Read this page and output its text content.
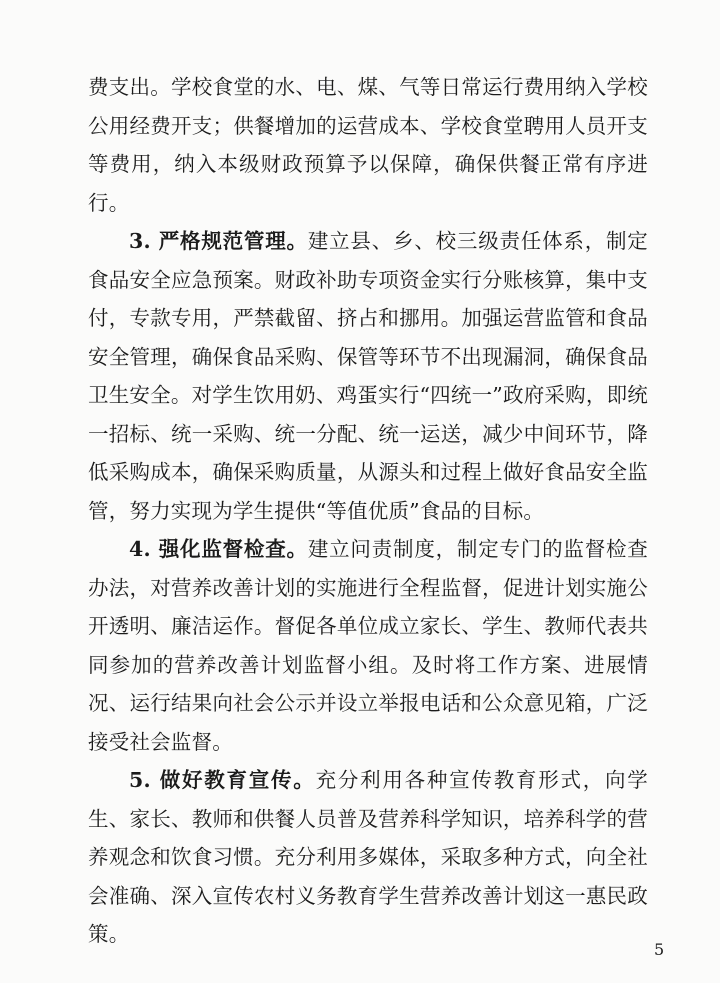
费支出。学校食堂的水、电、煤、气等日常运行费用纳入学校公用经费开支；供餐增加的运营成本、学校食堂聘用人员开支等费用，纳入本级财政预算予以保障，确保供餐正常有序进行。

3. 严格规范管理。建立县、乡、校三级责任体系，制定食品安全应急预案。财政补助专项资金实行分账核算，集中支付，专款专用，严禁截留、挤占和挪用。加强运营监管和食品安全管理，确保食品采购、保管等环节不出现漏洞，确保食品卫生安全。对学生饮用奶、鸡蛋实行“四统一”政府采购，即统一招标、统一采购、统一分配、统一运送，减少中间环节，降低采购成本，确保采购质量，从源头和过程上做好食品安全监管，努力实现为学生提供“等值优质”食品的目标。

4. 强化监督检查。建立问责制度，制定专门的监督检查办法，对营养改善计划的实施进行全程监督，促进计划实施公开透明、廉洁运作。督促各单位成立家长、学生、教师代表共同参加的营养改善计划监督小组。及时将工作方案、进展情况、运行结果向社会公示并设立举报电话和公众意见箱，广泛接受社会监督。

5. 做好教育宣传。充分利用各种宣传教育形式，向学生、家长、教师和供餐人员普及营养科学知识，培养科学的营养观念和饮食习惯。充分利用多媒体，采取多种方式，向全社会准确、深入宣传农村义务教育学生营养改善计划这一惠民政策。

5
